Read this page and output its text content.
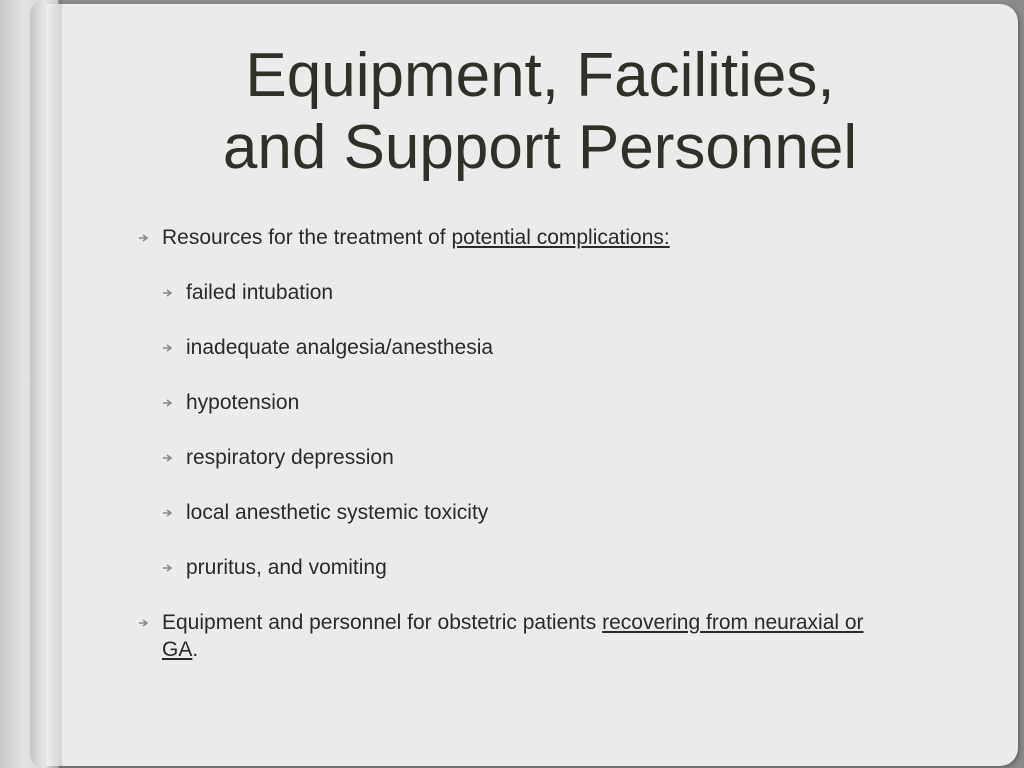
Equipment, Facilities,
and Support Personnel
Resources for the treatment of potential complications:
failed intubation
inadequate analgesia/anesthesia
hypotension
respiratory depression
local anesthetic systemic toxicity
pruritus, and vomiting
Equipment and personnel for obstetric patients recovering from neuraxial or
GA.
